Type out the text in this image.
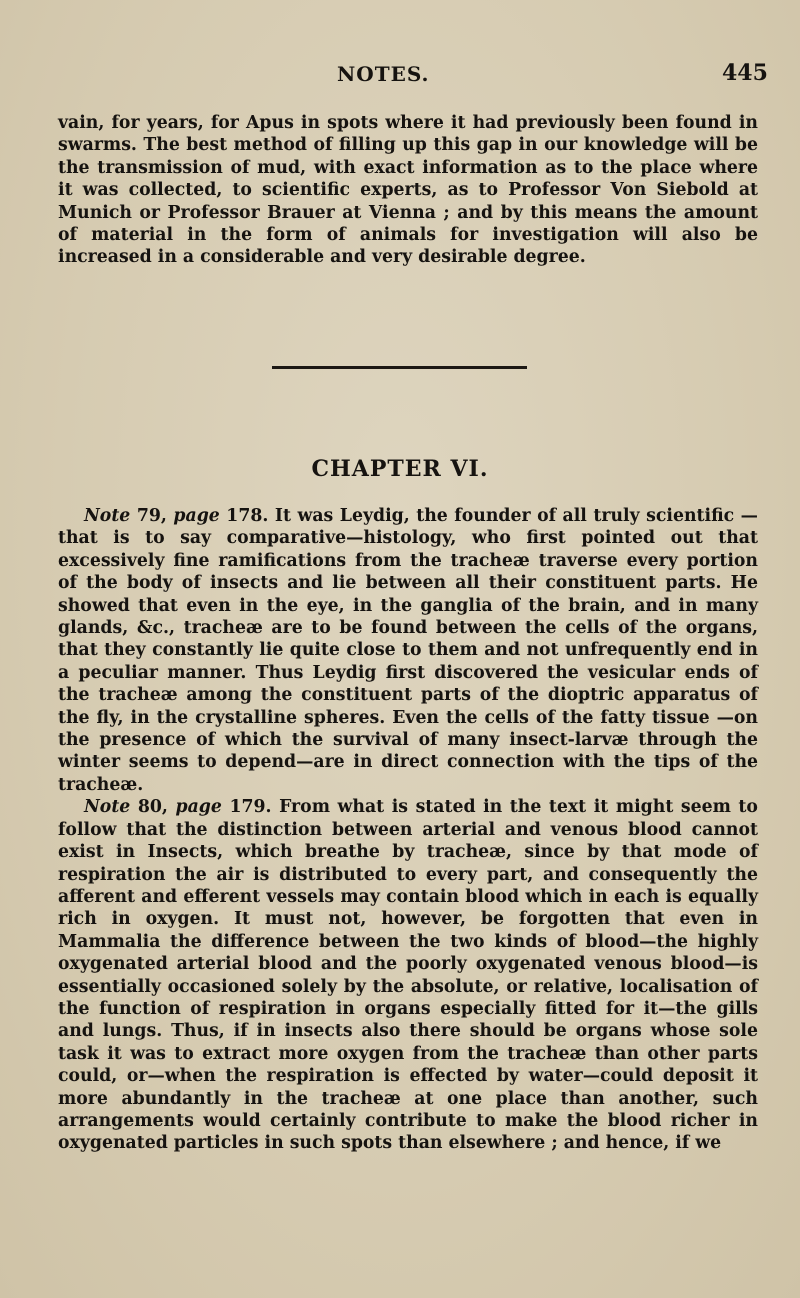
NOTES.	445
vain, for years, for Apus in spots where it had previously been found in swarms. The best method of filling up this gap in our knowledge will be the transmission of mud, with exact information as to the place where it was collected, to scientific experts, as to Professor Von Siebold at Munich or Professor Brauer at Vienna ; and by this means the amount of material in the form of animals for investigation will also be increased in a considerable and very desirable degree.
CHAPTER VI.

Note 79, page 178. It was Leydig, the founder of all truly scientific —that is to say comparative—histology, who first pointed out that excessively fine ramifications from the tracheæ traverse every portion of the body of insects and lie between all their constituent parts. He showed that even in the eye, in the ganglia of the brain, and in many glands, &c., tracheæ are to be found between the cells of the organs, that they constantly lie quite close to them and not unfrequently end in a peculiar manner. Thus Leydig first discovered the vesicular ends of the tracheæ among the constituent parts of the dioptric apparatus of the fly, in the crystalline spheres. Even the cells of the fatty tissue —on the presence of which the survival of many insect-larvæ through the winter seems to depend—are in direct connection with the tips of the tracheæ.

Note 80, page 179. From what is stated in the text it might seem to follow that the distinction between arterial and venous blood cannot exist in Insects, which breathe by tracheæ, since by that mode of respiration the air is distributed to every part, and consequently the afferent and efferent vessels may contain blood which in each is equally rich in oxygen. It must not, however, be forgotten that even in Mammalia the difference between the two kinds of blood—the highly oxygenated arterial blood and the poorly oxygenated venous blood—is essentially occasioned solely by the absolute, or relative, localisation of the function of respiration in organs especially fitted for it—the gills and lungs. Thus, if in insects also there should be organs whose sole task it was to extract more oxygen from the tracheæ than other parts could, or—when the respiration is effected by water—could deposit it more abundantly in the tracheæ at one place than another, such arrangements would certainly contribute to make the blood richer in oxygenated particles in such spots than elsewhere ; and hence, if we
